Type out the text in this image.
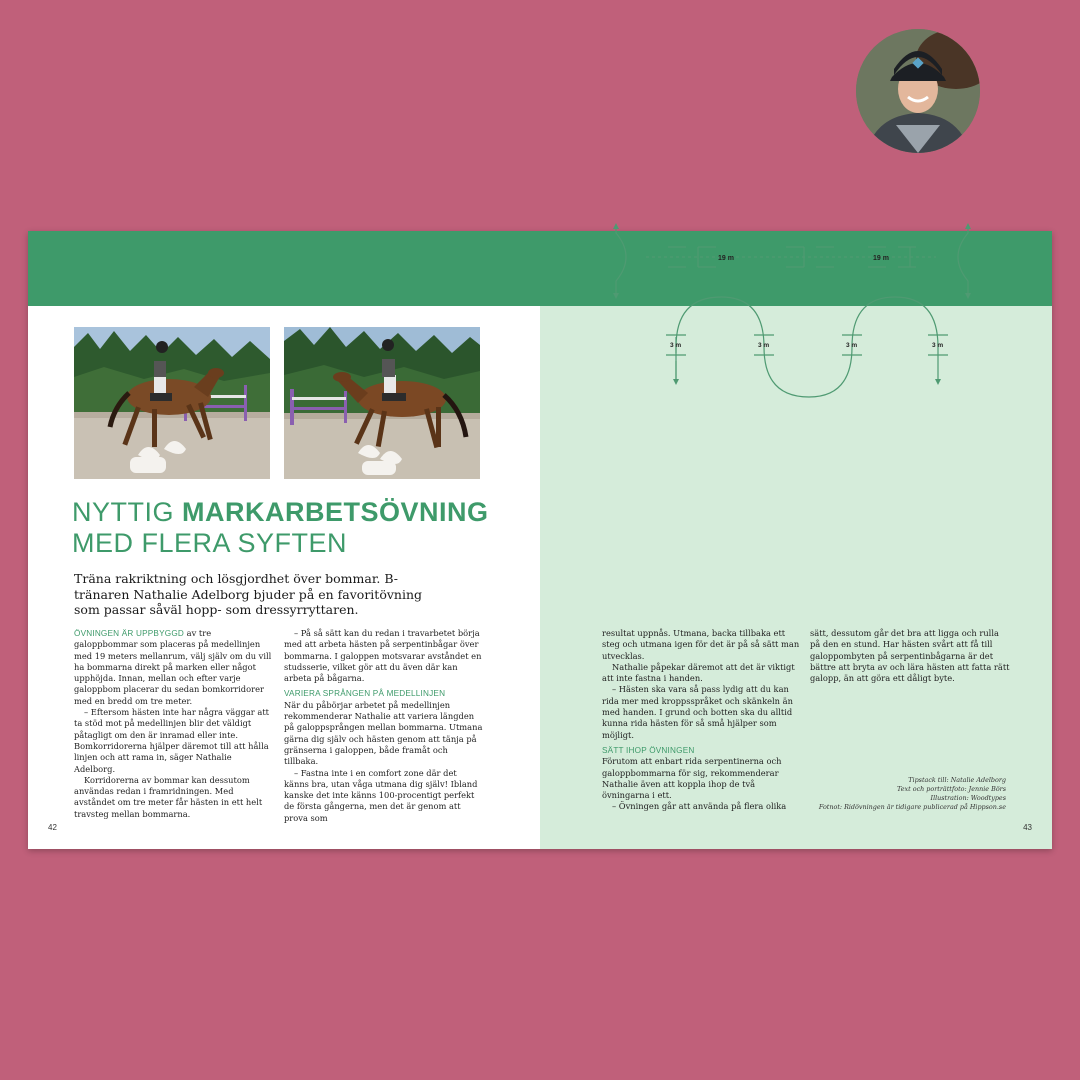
NYTTIG MARKARBETSÖVNING
MED FLERA SYFTEN
Träna rakriktning och lösgjordhet över bommar. B-tränaren Nathalie Adelborg bjuder på en favoritövning som passar såväl hopp- som dressyrryttaren.

ÖVNINGEN ÄR UPPBYGGD av tre galoppbommar som placeras på medellinjen med 19 meters mellanrum, välj själv om du vill ha bommarna direkt på marken eller något upphöjda. Innan, mellan och efter varje galoppbom placerar du sedan bomkorridorer med en bredd om tre meter.

– Eftersom hästen inte har några väggar att ta stöd mot på medellinjen blir det väldigt påtagligt om den är inramad eller inte. Bomkorridorerna hjälper däremot till att hålla linjen och att rama in, säger Nathalie Adelborg.

Korridorerna av bommar kan dessutom användas redan i framridningen. Med avståndet om tre meter får hästen in ett helt travsteg mellan bommarna.

– På så sätt kan du redan i travarbetet börja med att arbeta hästen på serpentinbågar över bommarna. I galoppen motsvarar avståndet en studsserie, vilket gör att du även där kan arbeta på bågarna.

VARIERA SPRÅNGEN PÅ MEDELLINJEN

När du påbörjar arbetet på medellinjen rekommenderar Nathalie att variera längden på galoppsprången mellan bommarna. Utmana gärna dig själv och hästen genom att tänja på gränserna i galoppen, både framåt och tillbaka.

– Fastna inte i en comfort zone där det känns bra, utan våga utmana dig själv! Ibland kanske det inte känns 100-procentigt perfekt de första gångerna, men det är genom att prova som

resultat uppnås. Utmana, backa tillbaka ett steg och utmana igen för det är på så sätt man utvecklas.

Nathalie påpekar däremot att det är viktigt att inte fastna i handen.

– Hästen ska vara så pass lydig att du kan rida mer med kroppsspråket och skänkeln än med handen. I grund och botten ska du alltid kunna rida hästen för så små hjälper som möjligt.

SÄTT IHOP ÖVNINGEN

Förutom att enbart rida serpentinerna och galoppbommarna för sig, rekommenderar Nathalie även att koppla ihop de två övningarna i ett.

– Övningen går att använda på flera olika

sätt, dessutom går det bra att ligga och rulla på den en stund. Har hästen svårt att få till galoppombyten på serpentinbågarna är det bättre att bryta av och lära hästen att fatta rätt galopp, än att göra ett dåligt byte.

Tipstack till: Natalie Adelborg
Text och porträttfoto: Jennie Börs
Illustration: Woodtypes
Fotnot: Ridövningen är tidigare publicerad på Hippson.se
42	43
19 m	19 m
3 m	3 m	3 m	3 m
